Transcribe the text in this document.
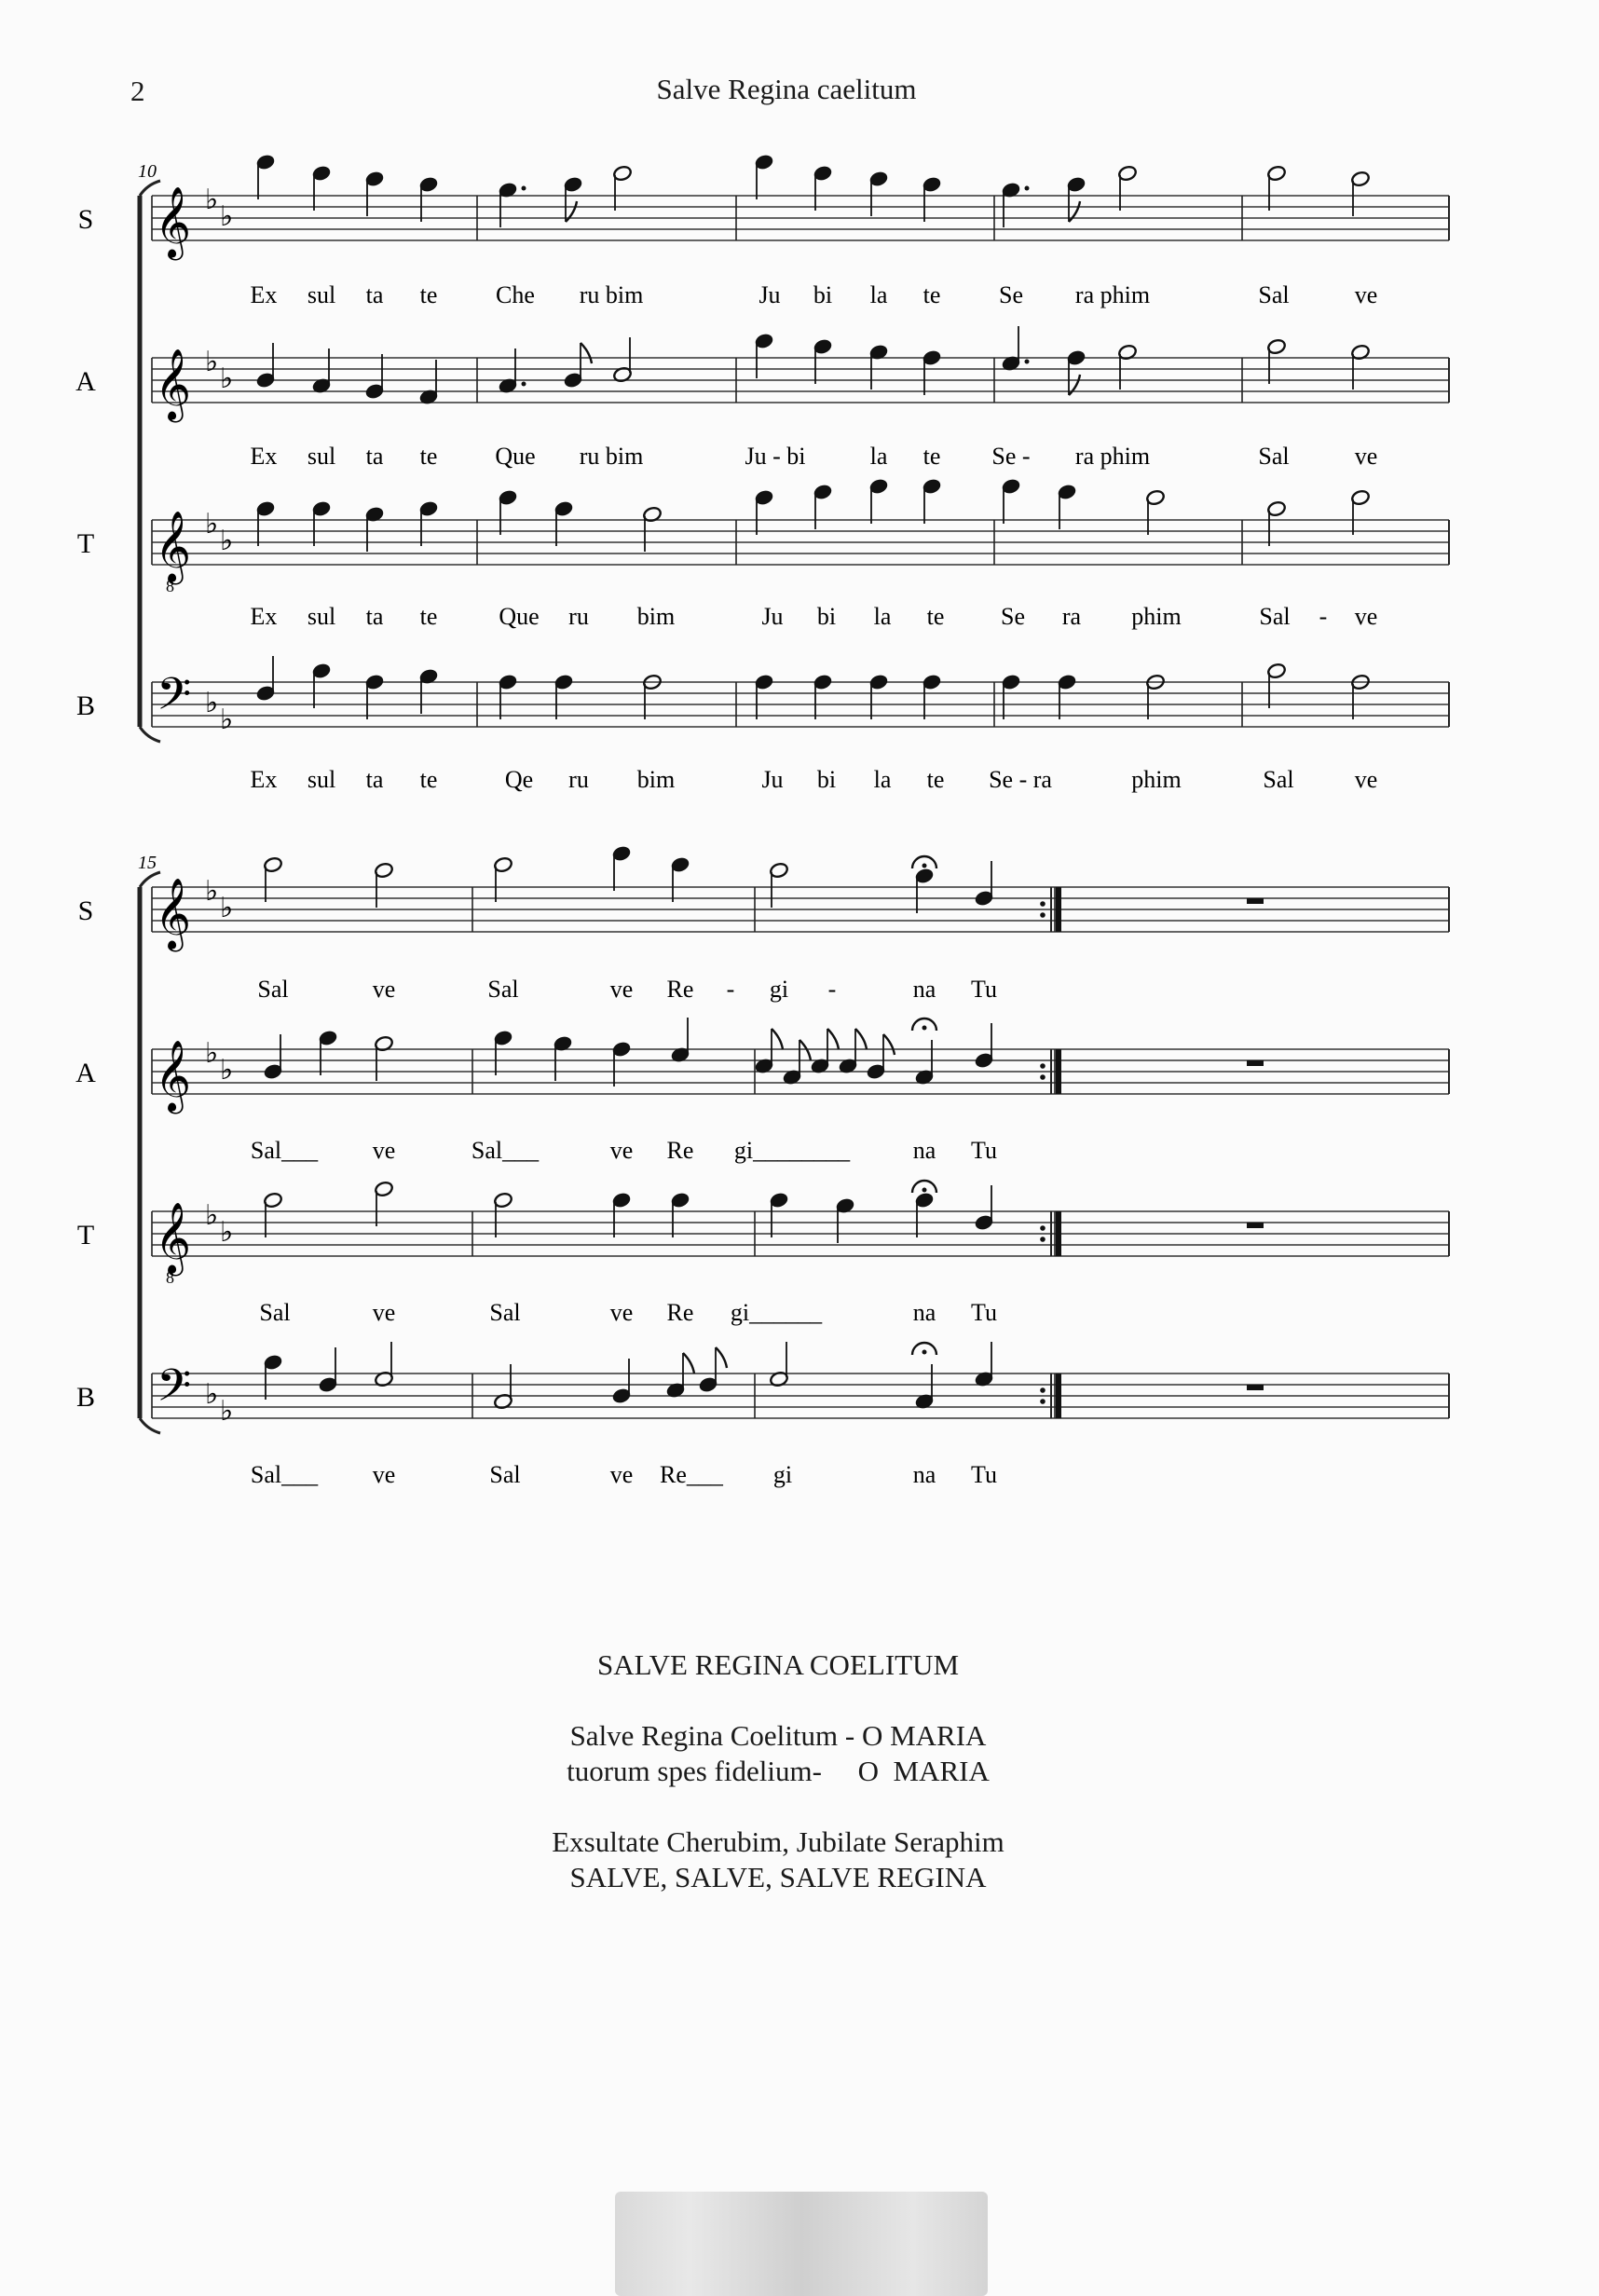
2	Salve Regina caelitum
10
S 𝄞 ♭
♭
Ex sul ta te Che ru bim	Ju bi la te Se ra phim	Sal	ve
A 𝄞 ♭
♭
Ex sul ta te Que ru bim	Ju - bi	la te Se - ra phim	Sal	ve
T 𝄞
8
♭
♭
Ex sul ta te	Que ru bim	Ju bi la te Se ra phim	Sal - ve
B 𝄢 ♭
♭
Ex sul ta te	Qe ru bim	Ju bi la te Se - ra	phim	Sal	ve
15
S 𝄞 ♭
♭
Sal	ve	Sal	ve Re - gi -	na Tu
A 𝄞 ♭
♭
Sal___ ve	Sal___	ve Re gi________	na Tu
T 𝄞
8
♭
♭
Sal	ve	Sal	ve Re gi______	na Tu
B 𝄢 ♭
♭
Sal___ ve	Sal	ve Re___ gi	na Tu
SALVE REGINA COELITUM
Salve Regina Coelitum - O MARIA
tuorum spes fidelium-     O  MARIA
Exsultate Cherubim, Jubilate Seraphim
SALVE, SALVE, SALVE REGINA
